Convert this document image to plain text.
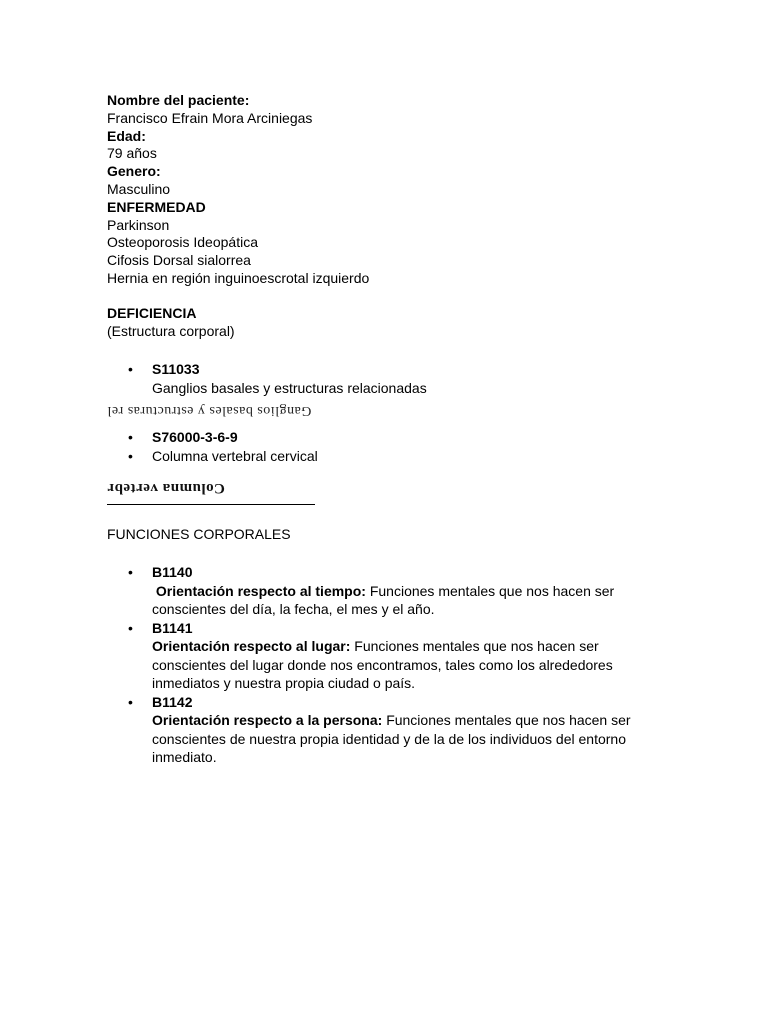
Nombre del paciente:
Francisco Efrain Mora Arciniegas
Edad:
79 años
Genero:
Masculino
ENFERMEDAD
Parkinson
Osteoporosis Ideopática
Cifosis Dorsal sialorrea
Hernia en región inguinoescrotal izquierdo
DEFICIENCIA
(Estructura corporal)
• S11033
Ganglios basales y estructuras relacionadas
Ganglios basales y estructuras rel
• S76000-3-6-9
• Columna vertebral cervical
Columna vertebr
FUNCIONES CORPORALES
• B1140
Orientación respecto al tiempo: Funciones mentales que nos hacen ser conscientes del día, la fecha, el mes y el año.
• B1141
Orientación respecto al lugar: Funciones mentales que nos hacen ser conscientes del lugar donde nos encontramos, tales como los alrededores inmediatos y nuestra propia ciudad o país.
• B1142
Orientación respecto a la persona: Funciones mentales que nos hacen ser conscientes de nuestra propia identidad y de la de los individuos del entorno inmediato.
